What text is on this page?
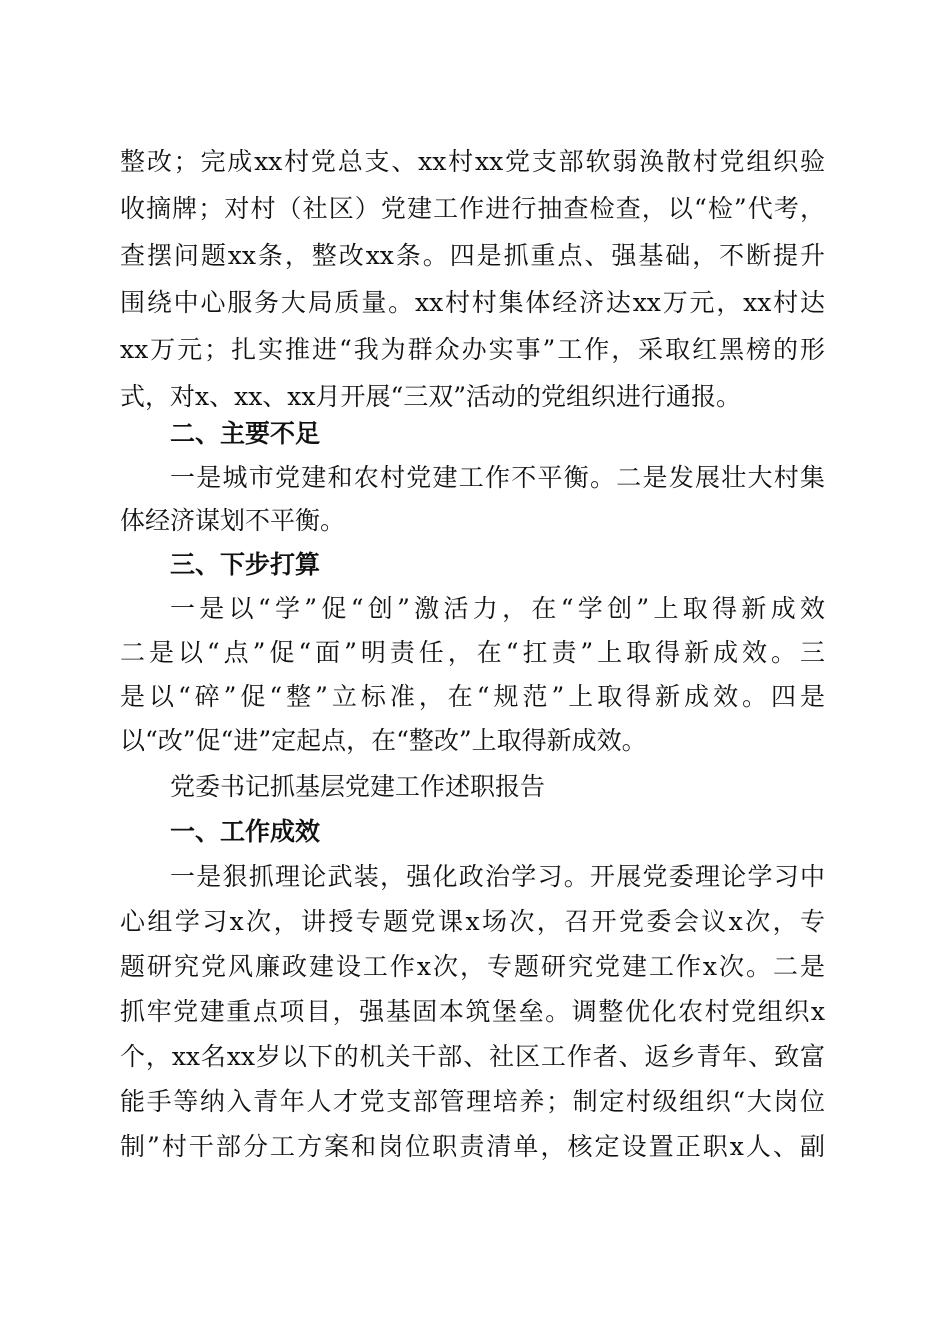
整改；完成xx村党总支、xx村xx党支部软弱涣散村党组织验
收摘牌；对村（社区）党建工作进行抽查检查，以“检”代考，
查摆问题xx条，整改xx条。四是抓重点、强基础，不断提升
围绕中心服务大局质量。xx村村集体经济达xx万元，xx村达
xx万元；扎实推进“我为群众办实事”工作，采取红黑榜的形
式，对x、xx、xx月开展“三双”活动的党组织进行通报。
二、主要不足
一是城市党建和农村党建工作不平衡。二是发展壮大村集
体经济谋划不平衡。
三、下步打算
一是以“学”促“创”激活力，在“学创”上取得新成效
二是以“点”促“面”明责任，在“扛责”上取得新成效。三
是以“碎”促“整”立标准，在“规范”上取得新成效。四是
以“改”促“进”定起点，在“整改”上取得新成效。
党委书记抓基层党建工作述职报告
一、工作成效
一是狠抓理论武装，强化政治学习。开展党委理论学习中
心组学习x次，讲授专题党课x场次，召开党委会议x次，专
题研究党风廉政建设工作x次，专题研究党建工作x次。二是
抓牢党建重点项目，强基固本筑堡垒。调整优化农村党组织x
个，xx名xx岁以下的机关干部、社区工作者、返乡青年、致富
能手等纳入青年人才党支部管理培养；制定村级组织“大岗位
制”村干部分工方案和岗位职责清单，核定设置正职x人、副
